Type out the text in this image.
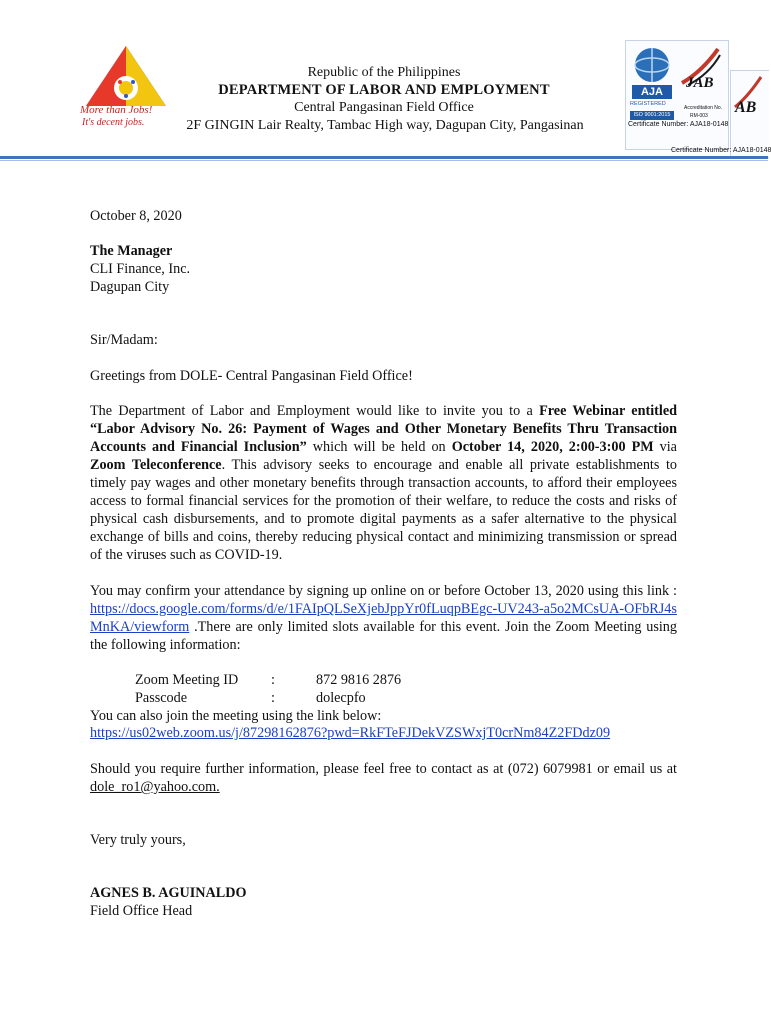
More than Jobs!
It's decent jobs.
Republic of the Philippines
DEPARTMENT OF LABOR AND EMPLOYMENT
Central Pangasinan Field Office
2F GINGIN Lair Realty, Tambac High way, Dagupan City, Pangasinan
AJA
REGISTERED
ISO 9001:2015
JAB
Accreditation No.
RM-003
Certificate Number: AJA18-0148
AB
Certificate Number: AJA18-0148
October 8, 2020
The Manager
CLI Finance, Inc.
Dagupan City
Sir/Madam:
Greetings from DOLE- Central Pangasinan Field Office!
The Department of Labor and Employment would like to invite you to a Free Webinar entitled “Labor Advisory No. 26: Payment of Wages and Other Monetary Benefits Thru Transaction Accounts and Financial Inclusion” which will be held on October 14, 2020, 2:00-3:00 PM via Zoom Teleconference. This advisory seeks to encourage and enable all private establishments to timely pay wages and other monetary benefits through transaction accounts, to afford their employees access to formal financial services for the promotion of their welfare, to reduce the costs and risks of physical cash disbursements, and to promote digital payments as a safer alternative to the physical exchange of bills and coins, thereby reducing physical contact and minimizing transmission or spread of the viruses such as COVID-19.
You may confirm your attendance by signing up online on or before October 13, 2020 using this link : https://docs.google.com/forms/d/e/1FAIpQLSeXjebJppYr0fLuqpBEgc-UV243-a5o2MCsUA-OFbRJ4sMnKA/viewform .There are only limited slots available for this event. Join the Zoom Meeting using the following information:
Zoom Meeting ID :	872 9816 2876
Passcode	:	dolecpfo
You can also join the meeting using the link below:
https://us02web.zoom.us/j/87298162876?pwd=RkFTeFJDekVZSWxjT0crNm84Z2FDdz09
Should you require further information, please feel free to contact as at (072) 6079981 or email us at dole_ro1@yahoo.com.
Very truly yours,
AGNES B. AGUINALDO
Field Office Head
